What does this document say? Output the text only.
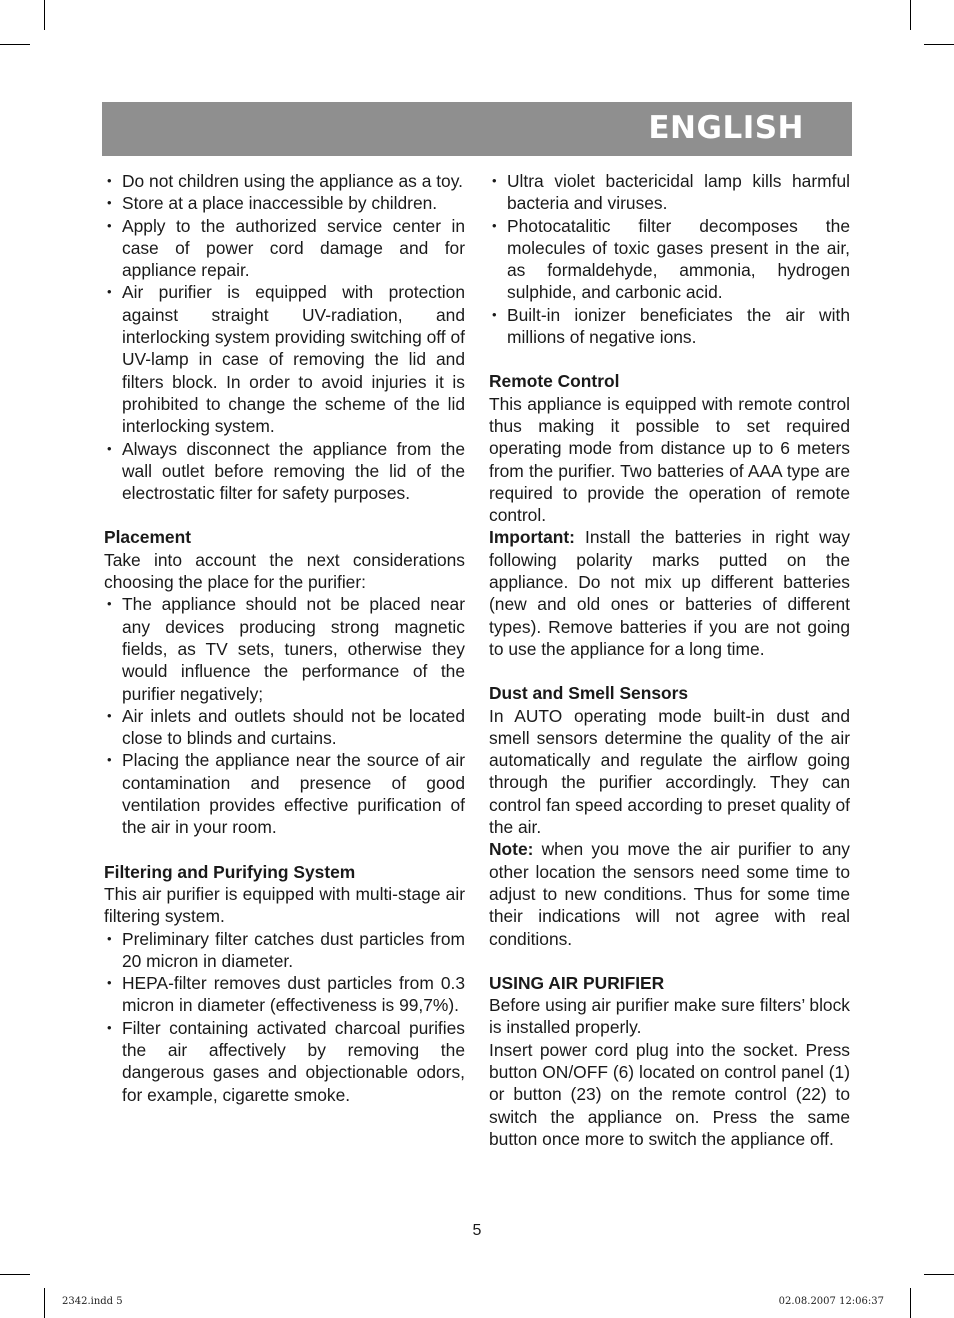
ENGLISH
• Do not children using the appliance as a toy.
• Store at a place inaccessible by children.
• Apply to the authorized service center in case of power cord damage and for appliance repair.
• Air purifier is equipped with protection against straight UV-radiation, and interlocking system providing switching off of UV-lamp in case of removing the lid and filters block. In order to avoid injuries it is prohibited to change the scheme of the lid interlocking system.
• Always disconnect the appliance from the wall outlet before removing the lid of the electrostatic filter for safety purposes.
Placement

Take into account the next considerations choosing the place for the purifier:

• The appliance should not be placed near any devices producing strong magnetic fields, as TV sets, tuners, otherwise they would influence the performance of the purifier negatively;
• Air inlets and outlets should not be located close to blinds and curtains.
• Placing the appliance near the source of air contamination and presence of good ventilation provides effective purification of the air in your room.
Filtering and Purifying System

This air purifier is equipped with multi-stage air filtering system.

• Preliminary filter catches dust particles from 20 micron in diameter.
• HEPA-filter removes dust particles from 0.3 micron in diameter (effectiveness is 99,7%).
• Filter containing activated charcoal purifies the air affectively by removing the dangerous gases and objectionable odors, for example, cigarette smoke.
• Ultra violet bactericidal lamp kills harmful bacteria and viruses.
• Photocatalitic filter decomposes the molecules of toxic gases present in the air, as formaldehyde, ammonia, hydrogen sulphide, and carbonic acid.
• Built-in ionizer beneficiates the air with millions of negative ions.
Remote Control

This appliance is equipped with remote control thus making it possible to set required operating mode from distance up to 6 meters from the purifier. Two batteries of AAA type are required to provide the operation of remote control.

Important: Install the batteries in right way following polarity marks putted on the appliance. Do not mix up different batteries (new and old ones or batteries of different types). Remove batteries if you are not going to use the appliance for a long time.

Dust and Smell Sensors

In AUTO operating mode built-in dust and smell sensors determine the quality of the air automatically and regulate the airflow going through the purifier accordingly. They can control fan speed according to preset quality of the air.

Note: when you move the air purifier to any other location the sensors need some time to adjust to new conditions. Thus for some time their indications will not agree with real conditions.

USING AIR PURIFIER

Before using air purifier make sure filters’ block is installed properly.

Insert power cord plug into the socket. Press button ON/OFF (6) located on control panel (1) or button (23) on the remote control (22) to switch the appliance on. Press the same button once more to switch the appliance off.

5
2342.indd 5	02.08.2007 12:06:37
